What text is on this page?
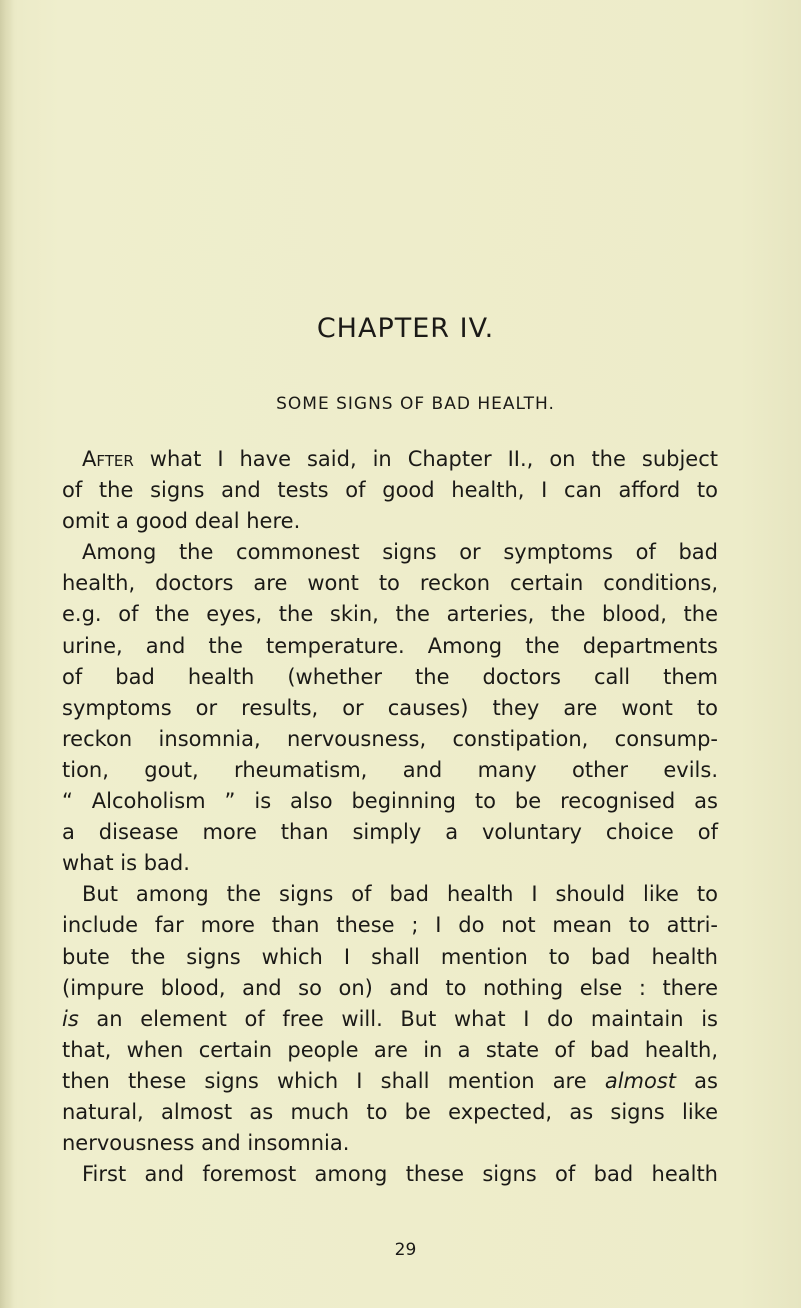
CHAPTER IV.
SOME SIGNS OF BAD HEALTH.
After what I have said, in Chapter II., on the subject
of the signs and tests of good health, I can afford to
omit a good deal here.
Among the commonest signs or symptoms of bad
health, doctors are wont to reckon certain conditions,
e.g. of the eyes, the skin, the arteries, the blood, the
urine, and the temperature. Among the departments
of bad health (whether the doctors call them
symptoms or results, or causes) they are wont to
reckon insomnia, nervousness, constipation, consump-
tion, gout, rheumatism, and many other evils.
“ Alcoholism ” is also beginning to be recognised as
a disease more than simply a voluntary choice of
what is bad.
But among the signs of bad health I should like to
include far more than these ; I do not mean to attri-
bute the signs which I shall mention to bad health
(impure blood, and so on) and to nothing else : there
is an element of free will. But what I do maintain is
that, when certain people are in a state of bad health,
then these signs which I shall mention are almost as
natural, almost as much to be expected, as signs like
nervousness and insomnia.
First and foremost among these signs of bad health
29
